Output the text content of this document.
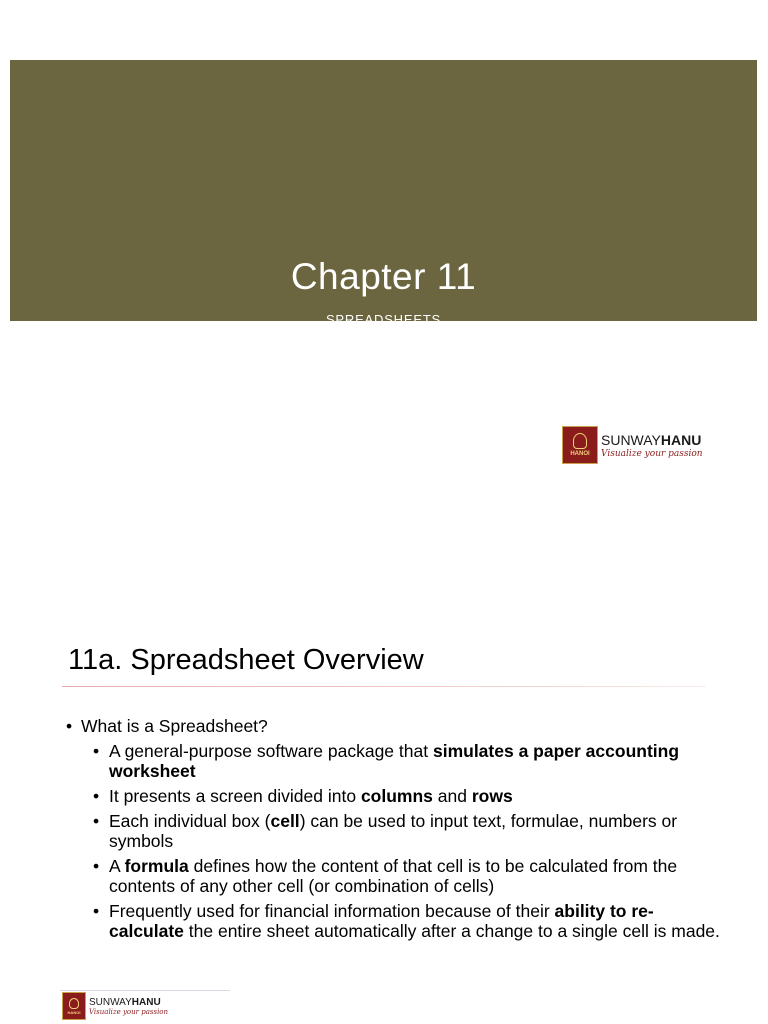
Chapter 11
SPREADSHEETS
HANOI
SUNWAYHANU
Visualize your passion
11a. Spreadsheet Overview
• What is a Spreadsheet?
• A general-purpose software package that simulates a paper accounting worksheet
• It presents a screen divided into columns and rows
• Each individual box (cell) can be used to input text, formulae, numbers or symbols
• A formula defines how the content of that cell is to be calculated from the contents of any other cell (or combination of cells)
• Frequently used for financial information because of their ability to re-calculate the entire sheet automatically after a change to a single cell is made.
HANOI
SUNWAYHANU
Visualize your passion
